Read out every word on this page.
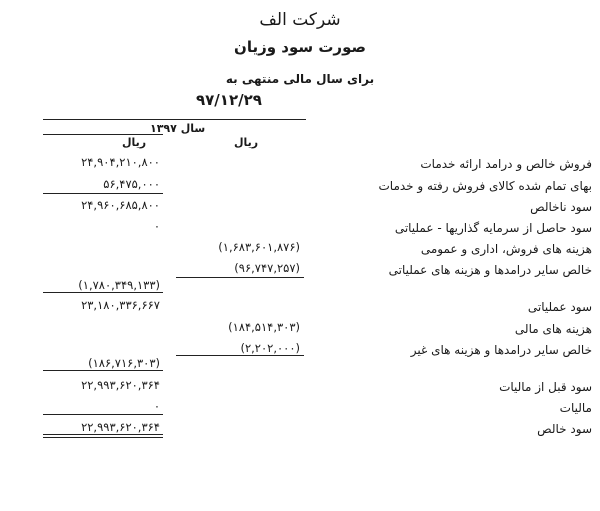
شرکت الف
صورت سود وزیان
برای سال مالی منتهی به
۹۷/۱۲/۲۹
سال ۱۳۹۷
ریال	ریال
فروش خالص و درامد ارائه خدمات
۲۴,۹۰۴,۲۱۰,۸۰۰
بهای تمام شده کالای فروش رفته و خدمات
۵۶,۴۷۵,۰۰۰
سود ناخالص
۲۴,۹۶۰,۶۸۵,۸۰۰
سود حاصل از سرمایه گذاریها - عملیاتی
۰
هزینه های فروش، اداری و عمومی
(۱,۶۸۳,۶۰۱,۸۷۶)
خالص سایر درامدها و هزینه های عملیاتی
(۹۶,۷۴۷,۲۵۷)
(۱,۷۸۰,۳۴۹,۱۳۳)
سود عملیاتی
۲۳,۱۸۰,۳۳۶,۶۶۷
هزینه های مالی
(۱۸۴,۵۱۴,۳۰۳)
خالص سایر درامدها و هزینه های غیر
(۲,۲۰۲,۰۰۰)
(۱۸۶,۷۱۶,۳۰۳)
سود قبل از مالیات
۲۲,۹۹۳,۶۲۰,۳۶۴
مالیات
۰
سود خالص
۲۲,۹۹۳,۶۲۰,۳۶۴
